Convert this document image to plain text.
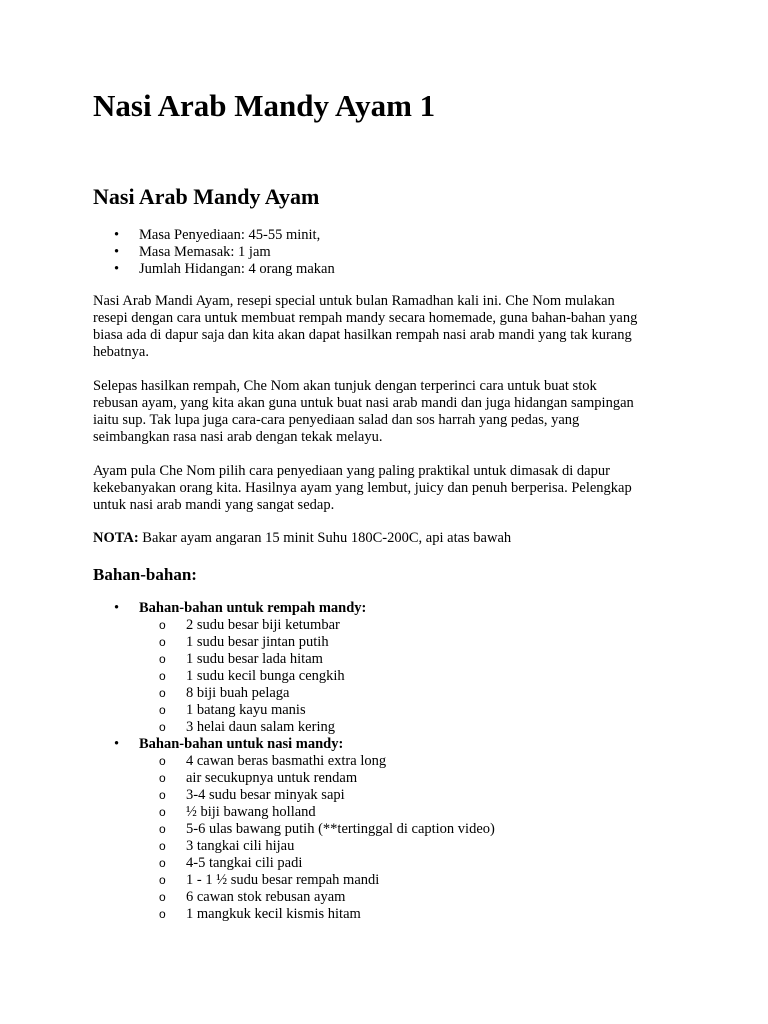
Nasi Arab Mandy Ayam 1
Nasi Arab Mandy Ayam
• Masa Penyediaan: 45-55 minit,
• Masa Memasak: 1 jam
• Jumlah Hidangan: 4 orang makan

Nasi Arab Mandi Ayam, resepi special untuk bulan Ramadhan kali ini. Che Nom mulakan
resepi dengan cara untuk membuat rempah mandy secara homemade, guna bahan-bahan yang
biasa ada di dapur saja dan kita akan dapat hasilkan rempah nasi arab mandi yang tak kurang
hebatnya.

Selepas hasilkan rempah, Che Nom akan tunjuk dengan terperinci cara untuk buat stok
rebusan ayam, yang kita akan guna untuk buat nasi arab mandi dan juga hidangan sampingan
iaitu sup. Tak lupa juga cara-cara penyediaan salad dan sos harrah yang pedas, yang
seimbangkan rasa nasi arab dengan tekak melayu.

Ayam pula Che Nom pilih cara penyediaan yang paling praktikal untuk dimasak di dapur
kekebanyakan orang kita. Hasilnya ayam yang lembut, juicy dan penuh berperisa. Pelengkap
untuk nasi arab mandi yang sangat sedap.

NOTA: Bakar ayam angaran 15 minit Suhu 180C-200C, api atas bawah

Bahan-bahan:
• Bahan-bahan untuk rempah mandy:
o 2 sudu besar biji ketumbar
o 1 sudu besar jintan putih
o 1 sudu besar lada hitam
o 1 sudu kecil bunga cengkih
o 8 biji buah pelaga
o 1 batang kayu manis
o 3 helai daun salam kering
• Bahan-bahan untuk nasi mandy:
o 4 cawan beras basmathi extra long
o air secukupnya untuk rendam
o 3-4 sudu besar minyak sapi
o ½ biji bawang holland
o 5-6 ulas bawang putih (**tertinggal di caption video)
o 3 tangkai cili hijau
o 4-5 tangkai cili padi
o 1 - 1 ½ sudu besar rempah mandi
o 6 cawan stok rebusan ayam
o 1 mangkuk kecil kismis hitam
